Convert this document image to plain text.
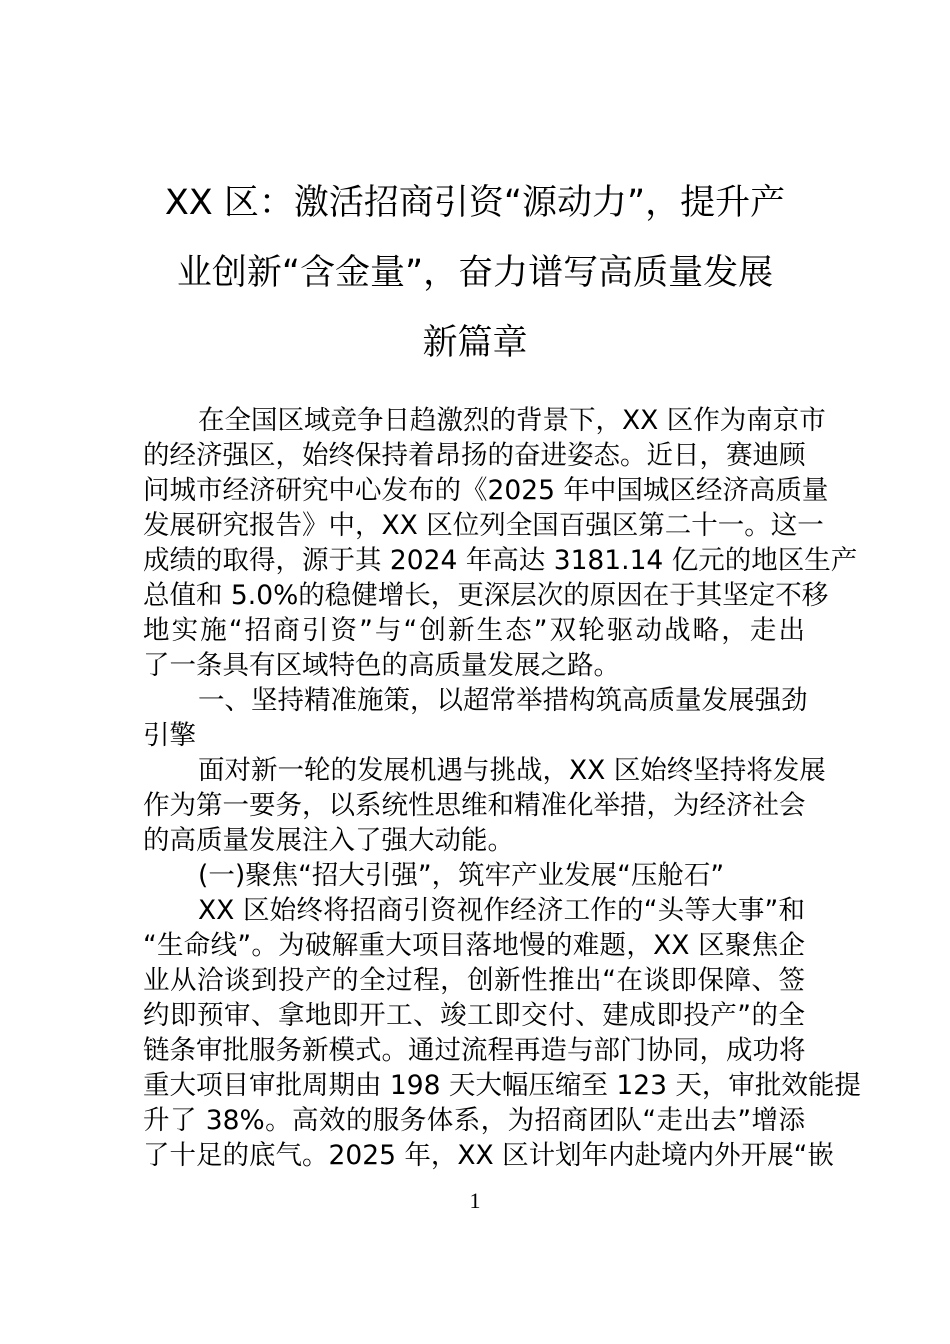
XX 区：激活招商引资“源动力”，提升产
业创新“含金量”，奋力谱写高质量发展
新篇章
在全国区域竞争日趋激烈的背景下，XX 区作为南京市
的经济强区，始终保持着昂扬的奋进姿态。近日，赛迪顾
问城市经济研究中心发布的《2025 年中国城区经济高质量
发展研究报告》中，XX 区位列全国百强区第二十一。这一
成绩的取得，源于其 2024 年高达 3181.14 亿元的地区生产
总值和 5.0%的稳健增长，更深层次的原因在于其坚定不移
地实施“招商引资”与“创新生态”双轮驱动战略，走出
了一条具有区域特色的高质量发展之路。
一、坚持精准施策，以超常举措构筑高质量发展强劲
引擎
面对新一轮的发展机遇与挑战，XX 区始终坚持将发展
作为第一要务，以系统性思维和精准化举措，为经济社会
的高质量发展注入了强大动能。
(一)聚焦“招大引强”，筑牢产业发展“压舱石”
XX 区始终将招商引资视作经济工作的“头等大事”和
“生命线”。为破解重大项目落地慢的难题，XX 区聚焦企
业从洽谈到投产的全过程，创新性推出“在谈即保障、签
约即预审、拿地即开工、竣工即交付、建成即投产”的全
链条审批服务新模式。通过流程再造与部门协同，成功将
重大项目审批周期由 198 天大幅压缩至 123 天，审批效能提
升了 38%。高效的服务体系，为招商团队“走出去”增添
了十足的底气。2025 年，XX 区计划年内赴境内外开展“嵌
1
